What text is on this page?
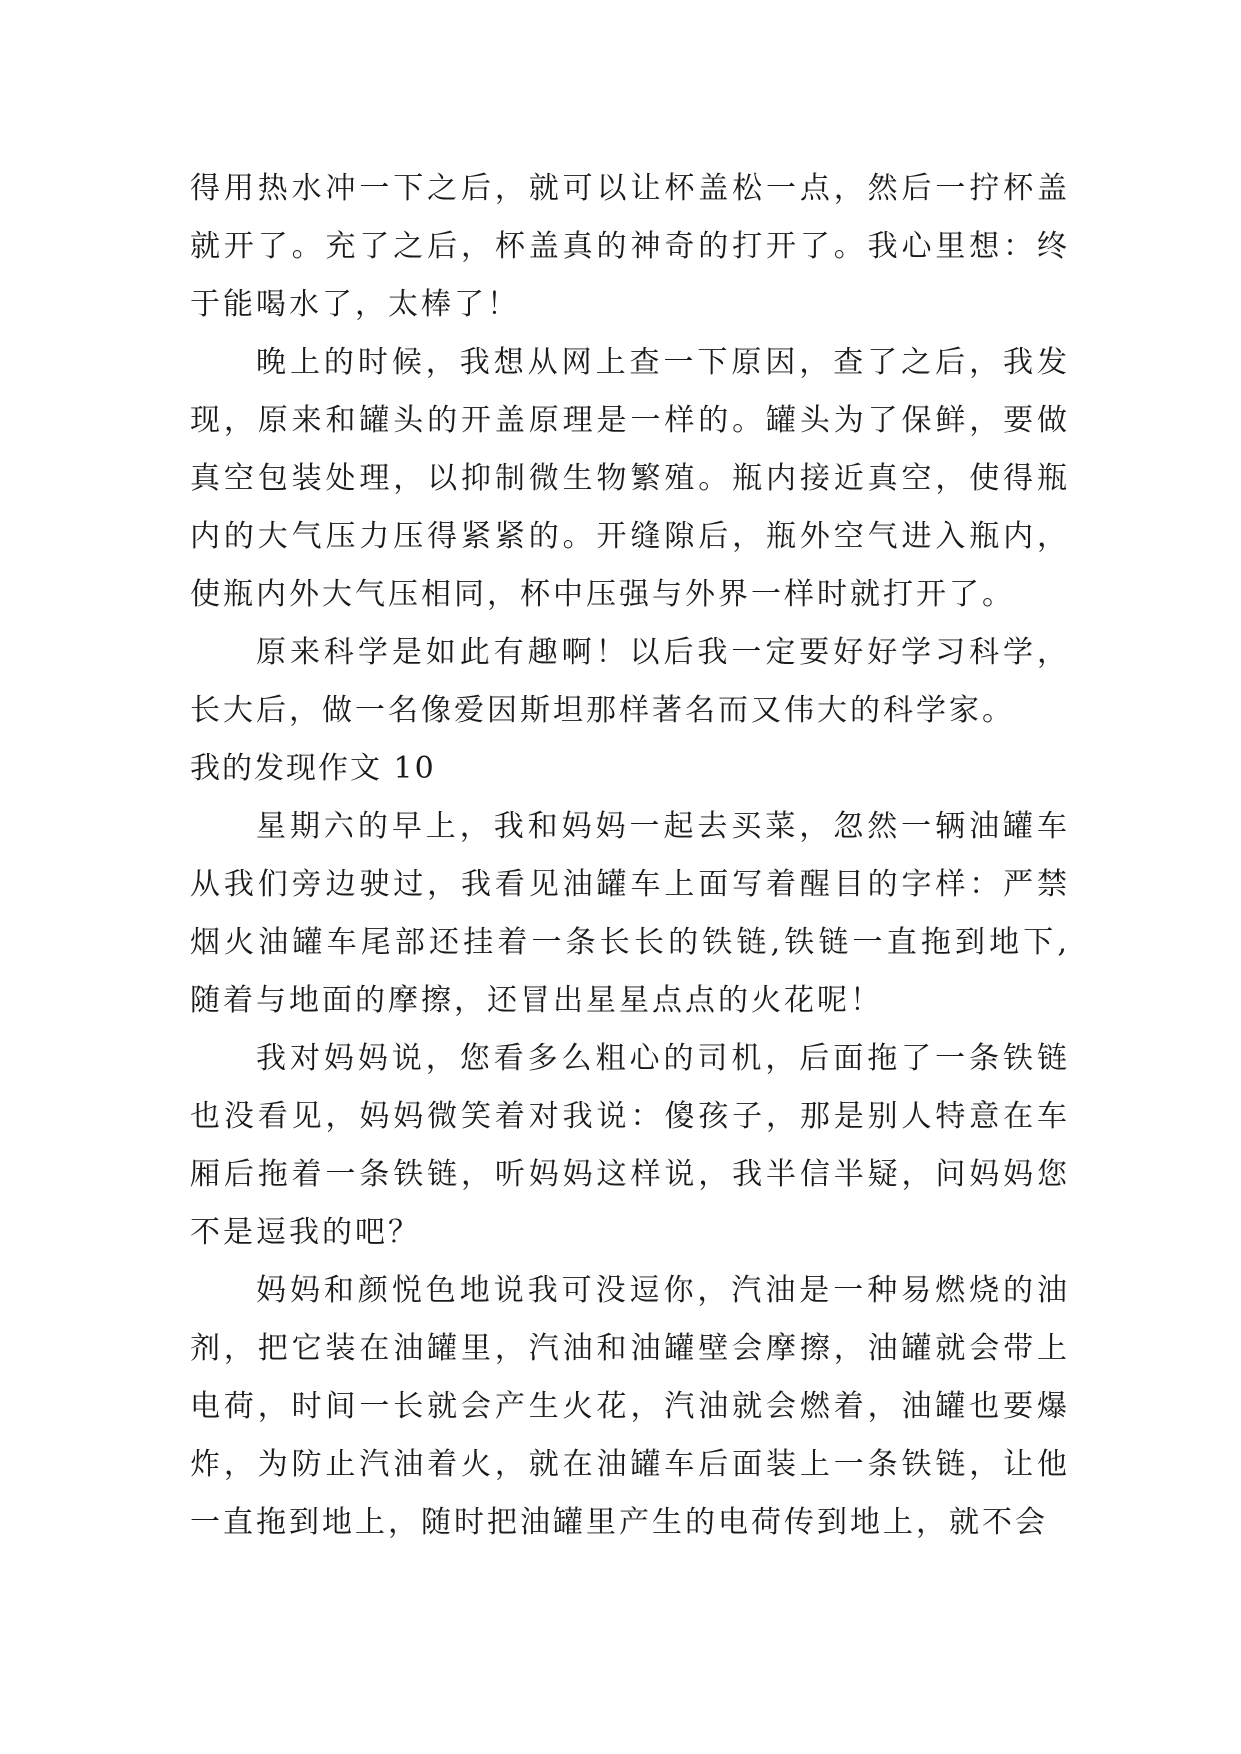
得用热水冲一下之后，就可以让杯盖松一点，然后一拧杯盖就开了。充了之后，杯盖真的神奇的打开了。我心里想：终于能喝水了，太棒了！

晚上的时候，我想从网上查一下原因，查了之后，我发现，原来和罐头的开盖原理是一样的。罐头为了保鲜，要做真空包装处理，以抑制微生物繁殖。瓶内接近真空，使得瓶内的大气压力压得紧紧的。开缝隙后，瓶外空气进入瓶内，使瓶内外大气压相同，杯中压强与外界一样时就打开了。

原来科学是如此有趣啊！以后我一定要好好学习科学，长大后，做一名像爱因斯坦那样著名而又伟大的科学家。

我的发现作文 10

星期六的早上，我和妈妈一起去买菜，忽然一辆油罐车从我们旁边驶过，我看见油罐车上面写着醒目的字样：严禁烟火油罐车尾部还挂着一条长长的铁链,铁链一直拖到地下,随着与地面的摩擦，还冒出星星点点的火花呢！

我对妈妈说，您看多么粗心的司机，后面拖了一条铁链也没看见，妈妈微笑着对我说：傻孩子，那是别人特意在车厢后拖着一条铁链，听妈妈这样说，我半信半疑，问妈妈您不是逗我的吧？

妈妈和颜悦色地说我可没逗你，汽油是一种易燃烧的油剂，把它装在油罐里，汽油和油罐壁会摩擦，油罐就会带上电荷，时间一长就会产生火花，汽油就会燃着，油罐也要爆炸，为防止汽油着火，就在油罐车后面装上一条铁链，让他一直拖到地上，随时把油罐里产生的电荷传到地上，就不会
